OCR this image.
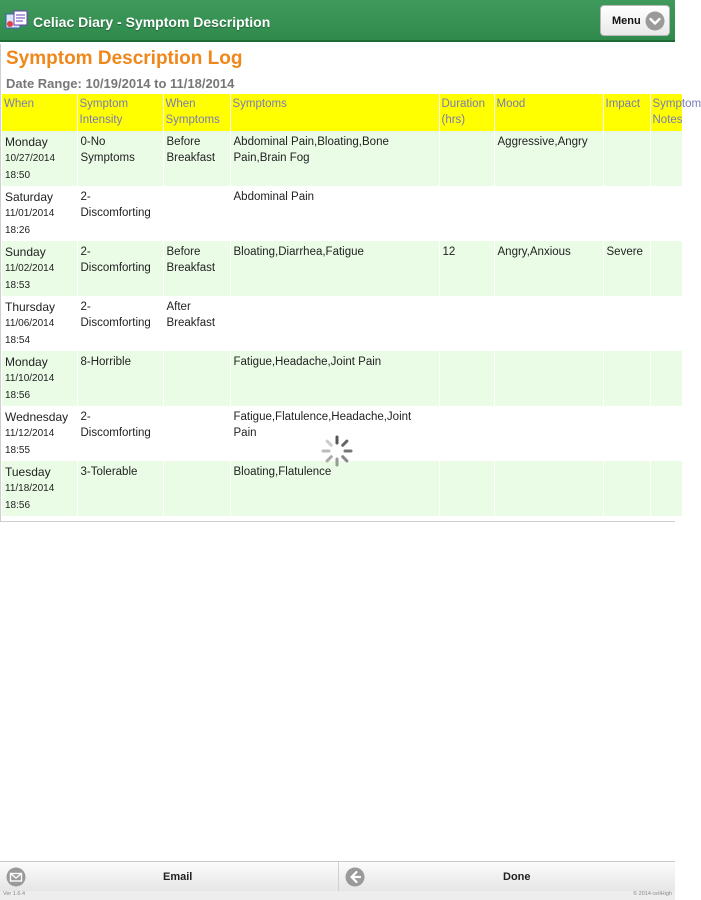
Celiac Diary - Symptom Description	Menu
Symptom Description Log
Date Range: 10/19/2014 to 11/18/2014
When	Symptom Intensity	When Symptoms	Symptoms	Duration (hrs)	Mood	Impact	Symptom Notes

Monday
10/27/2014
18:50	0-No Symptoms	Before Breakfast	Abdominal Pain,Bloating,Bone Pain,Brain Fog		Aggressive,Angry		

Saturday
11/01/2014
18:26	2-Discomforting		Abdominal Pain				

Sunday
11/02/2014
18:53	2-Discomforting	Before Breakfast	Bloating,Diarrhea,Fatigue	12	Angry,Anxious	Severe	

Thursday
11/06/2014
18:54	2-Discomforting	After Breakfast					

Monday
11/10/2014
18:56	8-Horrible		Fatigue,Headache,Joint Pain				

Wednesday
11/12/2014
18:55	2-Discomforting		Fatigue,Flatulence,Headache,Joint Pain				

Tuesday
11/18/2014
18:56	3-Tolerable		Bloating,Flatulence				
Email	Done
Ver 1.6.4	© 2014 celiHigh
